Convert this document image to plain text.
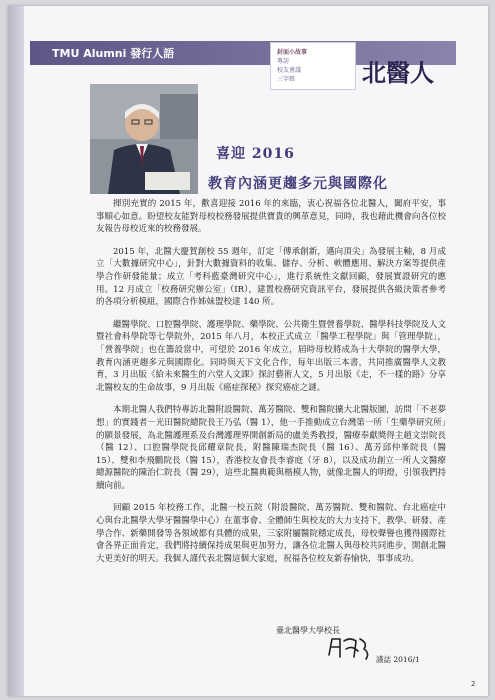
TMU Alumni 發行人語	封面小故事
專訪
校友會議
三字經	北醫人
喜迎 2016
教育內涵更趨多元與國際化

揮別充實的 2015 年，歡喜迎接 2016 年的來臨，衷心祝福各位北醫人，闔府平安，事事順心如意。盼望校友能對母校校務發展提供寶貴的興革意見，同時，我也藉此機會向各位校友報告母校近來的校務發展。

2015 年，北醫大慶賀創校 55 週年，訂定「傳承創新，邁向頂尖」為發展主軸，8 月成立「大數據研究中心」，針對大數據資料的收集、儲存、分析、軟體應用、解決方案等提供產學合作研發能量；成立「考科藍臺灣研究中心」，進行系統性文獻回顧，發展實證研究的應用。12 月成立「校務研究辦公室」（IR），建置校務研究資訊平台，發展提供各級決策者參考的各項分析模組，國際合作姊妹盟校達 140 所。

繼醫學院、口腔醫學院、護理學院、藥學院、公共衛生暨營養學院、醫學科技學院及人文暨社會科學院等七學院外，2015 年八月，本校正式成立「醫學工程學院」與「管理學院」，「營養學院」也在籌設當中，可望於 2016 年成立，屆時母校將成為十大學院的醫學大學，教育內涵更趨多元與國際化。同時與天下文化合作，每年出版三本書，共同推廣醫學人文教育，3 月出版《給未來醫生的六堂人文課》探討藝術人文，5 月出版《走，不一樣的路》分享北醫校友的生命故事，9 月出版《癌症探秘》探究癌症之謎。

本期北醫人我們特專訪北醫附設醫院、萬芳醫院、雙和醫院擴大北醫版圖，訪問「不老夢想」的實踐者－光田醫院總院長王乃弘（醫 1），他一手推動成立台灣第一所「生藥學研究所」的願景發展，為北醫護理系及台灣護理界開創新局的盧美秀教授，醫療奉獻獎得主趙文崇院長（醫 12）、口腔醫學院長邱耀章院長，附醫陳瑞杰院長（醫 16）、萬芳邱仲峯院長（醫 15）、雙和李飛鵬院長（醫 15），香港校友會長李睿庭（牙 8），以及成功創立一所人文醫療總源醫院的陳治仁院長（醫 29），這些北醫典範與楷模人物，就像北醫人的明燈，引領我們持續向前。

回顧 2015 年校務工作，北醫一校五院（附設醫院、萬芳醫院、雙和醫院、台北癌症中心與台北醫學大學牙醫醫學中心）在董事會、全體師生與校友的大力支持下，教學、研發、產學合作、新藥開發等各領域都有具體的成果，三家附屬醫院穩定成長，母校聲譽也獲得國際社會各界正面肯定，我們將持續保持成果與更加努力，讓各位北醫人與母校共同進步，開創北醫大更美好的明天。我個人謹代表北醫這個大家庭，祝福各位校友新春愉快，事事成功。

臺北醫學大學校長
謹誌 2016/1
2
